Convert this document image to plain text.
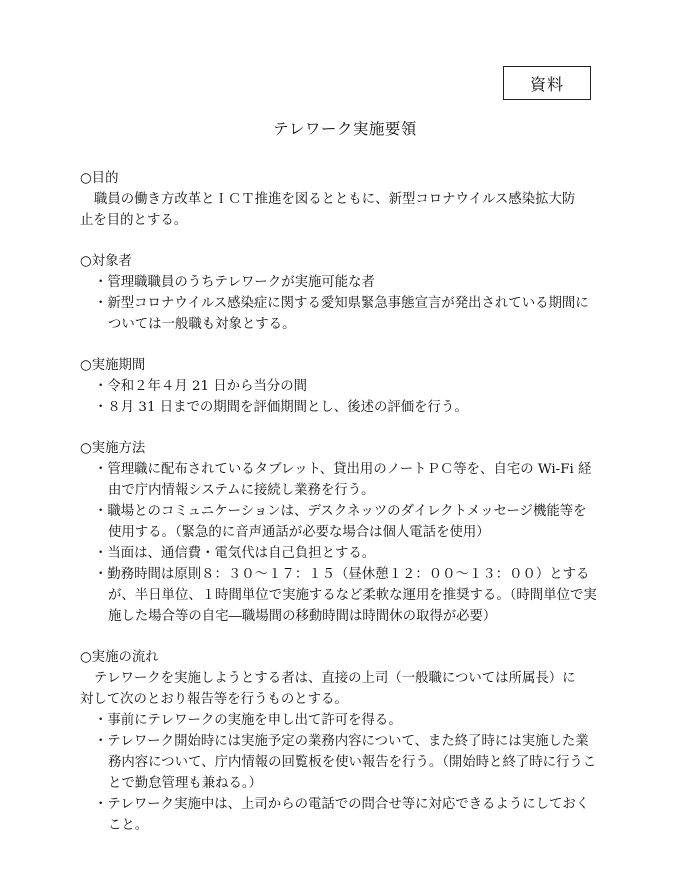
資料
テレワーク実施要領
○目的
職員の働き方改革とＩＣＴ推進を図るとともに、新型コロナウイルス感染拡大防
止を目的とする。
○対象者
・管理職職員のうちテレワークが実施可能な者
・新型コロナウイルス感染症に関する愛知県緊急事態宣言が発出されている期間に
ついては一般職も対象とする。
○実施期間
・令和２年４月 21 日から当分の間
・８月 31 日までの期間を評価期間とし、後述の評価を行う。
○実施方法
・管理職に配布されているタブレット、貸出用のノートＰＣ等を、自宅の Wi-Fi 経
由で庁内情報システムに接続し業務を行う。
・職場とのコミュニケーションは、デスクネッツのダイレクトメッセージ機能等を
使用する。（緊急的に音声通話が必要な場合は個人電話を使用）
・当面は、通信費・電気代は自己負担とする。
・勤務時間は原則８：３０～１７：１５（昼休憩１２：００～１３：００）とする
が、半日単位、１時間単位で実施するなど柔軟な運用を推奨する。（時間単位で実
施した場合等の自宅―職場間の移動時間は時間休の取得が必要）
○実施の流れ
テレワークを実施しようとする者は、直接の上司（一般職については所属長）に
対して次のとおり報告等を行うものとする。
・事前にテレワークの実施を申し出て許可を得る。
・テレワーク開始時には実施予定の業務内容について、また終了時には実施した業
務内容について、庁内情報の回覧板を使い報告を行う。（開始時と終了時に行うこ
とで勤怠管理も兼ねる。）
・テレワーク実施中は、上司からの電話での問合せ等に対応できるようにしておく
こと。
